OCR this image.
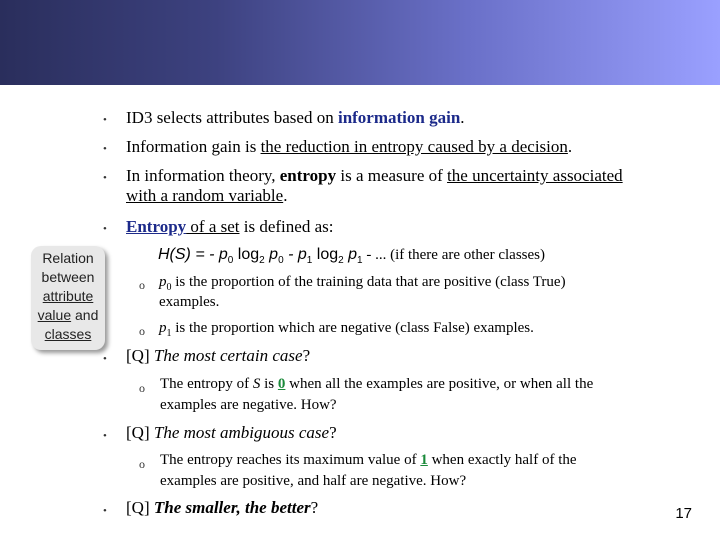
• ID3 selects attributes based on information gain.
• Information gain is the reduction in entropy caused by a decision.
• In information theory, entropy is a measure of the uncertainty associated
with a random variable.
• Entropy of a set is defined as:
H(S) = - $p_0$ $\log_2 p_0 - p_1$ $\log_2 p_1$ - ... (if there are other classes)
o $p_0$ is the proportion of the training data that are positive (class True)
examples.
o $p_1$ is the proportion which are negative (class False) examples.
• [Q] The most certain case?
o The entropy of S is 0 when all the examples are positive, or when all the
examples are negative. How?
• [Q] The most ambiguous case?
o The entropy reaches its maximum value of 1 when exactly half of the
examples are positive, and half are negative. How?
• [Q] The smaller, the better?
Relation
between
attribute
value and
classes
17
